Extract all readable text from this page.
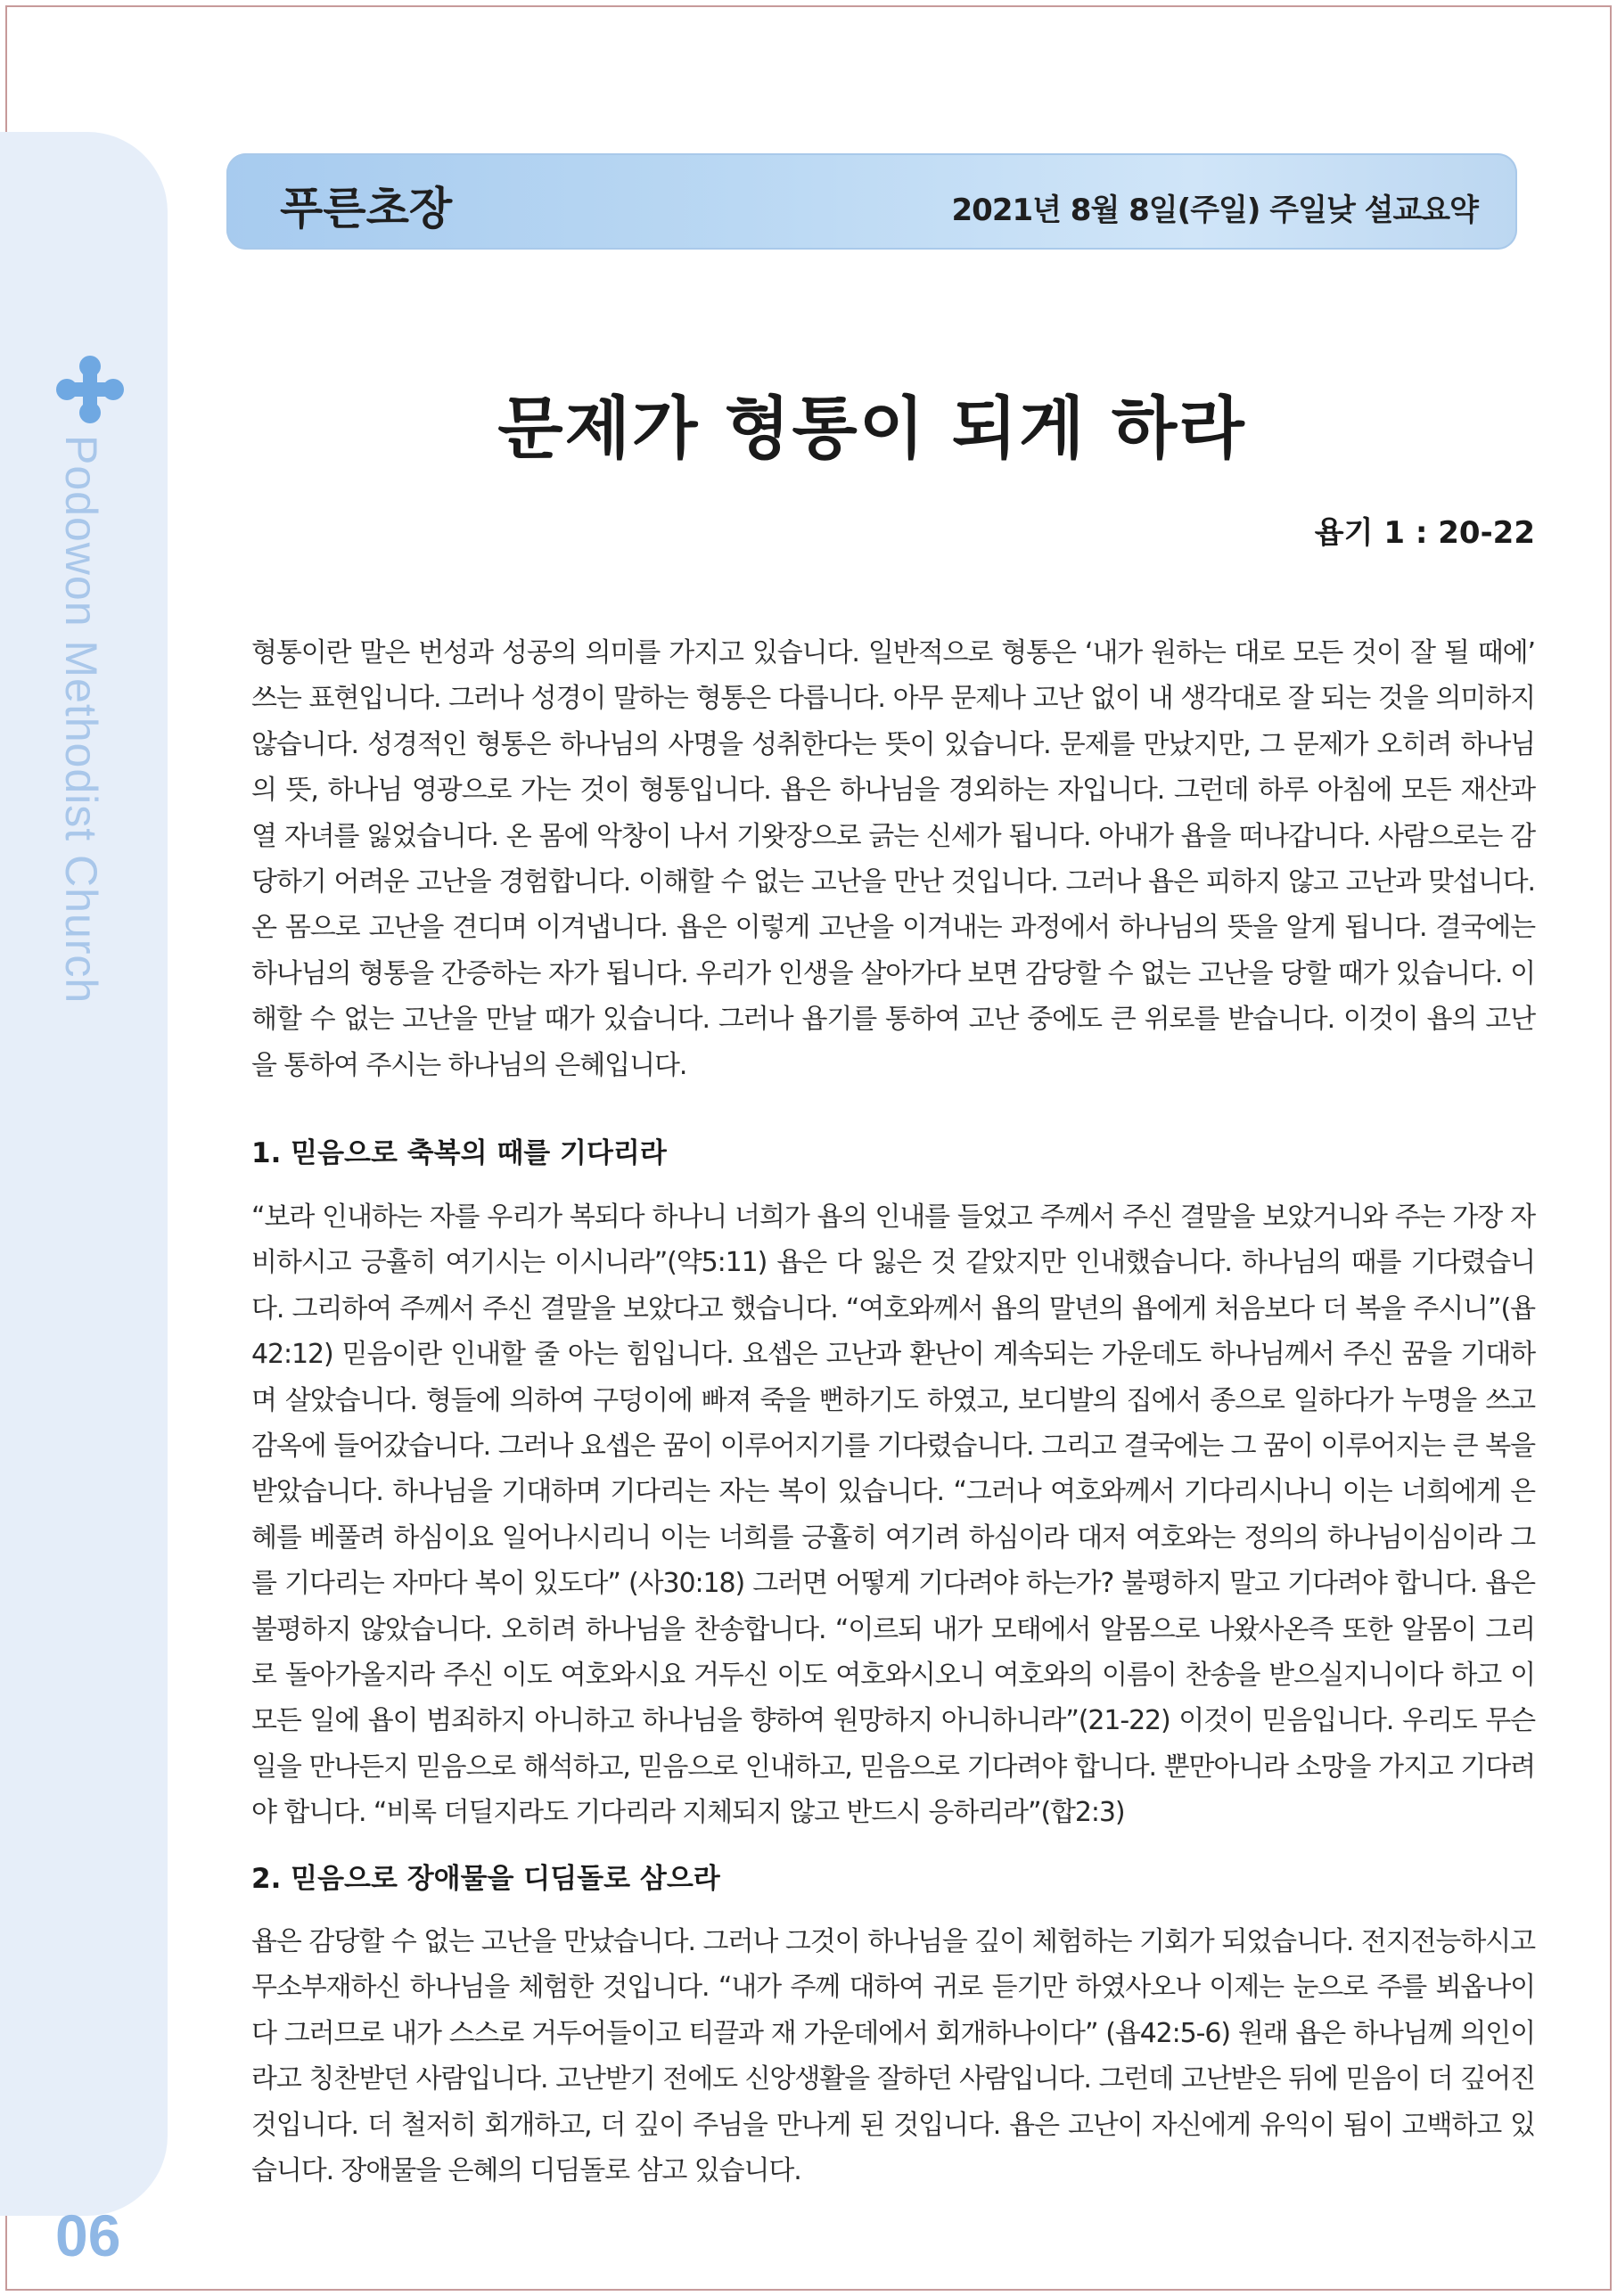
Podowon Methodist Church
06
푸른초장	2021년 8월 8일(주일) 주일낮 설교요약
문제가 형통이 되게 하라
욥기 1 : 20-22
형통이란 말은 번성과 성공의 의미를 가지고 있습니다. 일반적으로 형통은 ‘내가 원하는 대로 모든 것이 잘 될 때에’ 쓰는 표현입니다. 그러나 성경이 말하는 형통은 다릅니다. 아무 문제나 고난 없이 내 생각대로 잘 되는 것을 의미하지 않습니다. 성경적인 형통은 하나님의 사명을 성취한다는 뜻이 있습니다. 문제를 만났지만, 그 문제가 오히려 하나님의 뜻, 하나님 영광으로 가는 것이 형통입니다. 욥은 하나님을 경외하는 자입니다. 그런데 하루 아침에 모든 재산과 열 자녀를 잃었습니다. 온 몸에 악창이 나서 기왓장으로 긁는 신세가 됩니다. 아내가 욥을 떠나갑니다. 사람으로는 감당하기 어려운 고난을 경험합니다. 이해할 수 없는 고난을 만난 것입니다. 그러나 욥은 피하지 않고 고난과 맞섭니다. 온 몸으로 고난을 견디며 이겨냅니다. 욥은 이렇게 고난을 이겨내는 과정에서 하나님의 뜻을 알게 됩니다. 결국에는 하나님의 형통을 간증하는 자가 됩니다. 우리가 인생을 살아가다 보면 감당할 수 없는 고난을 당할 때가 있습니다. 이해할 수 없는 고난을 만날 때가 있습니다. 그러나 욥기를 통하여 고난 중에도 큰 위로를 받습니다. 이것이 욥의 고난을 통하여 주시는 하나님의 은혜입니다.
1. 믿음으로 축복의 때를 기다리라
“보라 인내하는 자를 우리가 복되다 하나니 너희가 욥의 인내를 들었고 주께서 주신 결말을 보았거니와 주는 가장 자비하시고 긍휼히 여기시는 이시니라”(약5:11) 욥은 다 잃은 것 같았지만 인내했습니다. 하나님의 때를 기다렸습니다. 그리하여 주께서 주신 결말을 보았다고 했습니다. “여호와께서 욥의 말년의 욥에게 처음보다 더 복을 주시니”(욥42:12) 믿음이란 인내할 줄 아는 힘입니다. 요셉은 고난과 환난이 계속되는 가운데도 하나님께서 주신 꿈을 기대하며 살았습니다. 형들에 의하여 구덩이에 빠져 죽을 뻔하기도 하였고, 보디발의 집에서 종으로 일하다가 누명을 쓰고 감옥에 들어갔습니다. 그러나 요셉은 꿈이 이루어지기를 기다렸습니다. 그리고 결국에는 그 꿈이 이루어지는 큰 복을 받았습니다. 하나님을 기대하며 기다리는 자는 복이 있습니다. “그러나 여호와께서 기다리시나니 이는 너희에게 은혜를 베풀려 하심이요 일어나시리니 이는 너희를 긍휼히 여기려 하심이라 대저 여호와는 정의의 하나님이심이라 그를 기다리는 자마다 복이 있도다” (사30:18) 그러면 어떻게 기다려야 하는가? 불평하지 말고 기다려야 합니다. 욥은 불평하지 않았습니다. 오히려 하나님을 찬송합니다. “이르되 내가 모태에서 알몸으로 나왔사온즉 또한 알몸이 그리로 돌아가올지라 주신 이도 여호와시요 거두신 이도 여호와시오니 여호와의 이름이 찬송을 받으실지니이다 하고 이 모든 일에 욥이 범죄하지 아니하고 하나님을 향하여 원망하지 아니하니라”(21-22) 이것이 믿음입니다. 우리도 무슨 일을 만나든지 믿음으로 해석하고, 믿음으로 인내하고, 믿음으로 기다려야 합니다. 뿐만아니라 소망을 가지고 기다려야 합니다. “비록 더딜지라도 기다리라 지체되지 않고 반드시 응하리라”(합2:3)
2. 믿음으로 장애물을 디딤돌로 삼으라
욥은 감당할 수 없는 고난을 만났습니다. 그러나 그것이 하나님을 깊이 체험하는 기회가 되었습니다. 전지전능하시고 무소부재하신 하나님을 체험한 것입니다. “내가 주께 대하여 귀로 듣기만 하였사오나 이제는 눈으로 주를 뵈옵나이다 그러므로 내가 스스로 거두어들이고 티끌과 재 가운데에서 회개하나이다” (욥42:5-6) 원래 욥은 하나님께 의인이라고 칭찬받던 사람입니다. 고난받기 전에도 신앙생활을 잘하던 사람입니다. 그런데 고난받은 뒤에 믿음이 더 깊어진 것입니다. 더 철저히 회개하고, 더 깊이 주님을 만나게 된 것입니다. 욥은 고난이 자신에게 유익이 됨이 고백하고 있습니다. 장애물을 은혜의 디딤돌로 삼고 있습니다.
